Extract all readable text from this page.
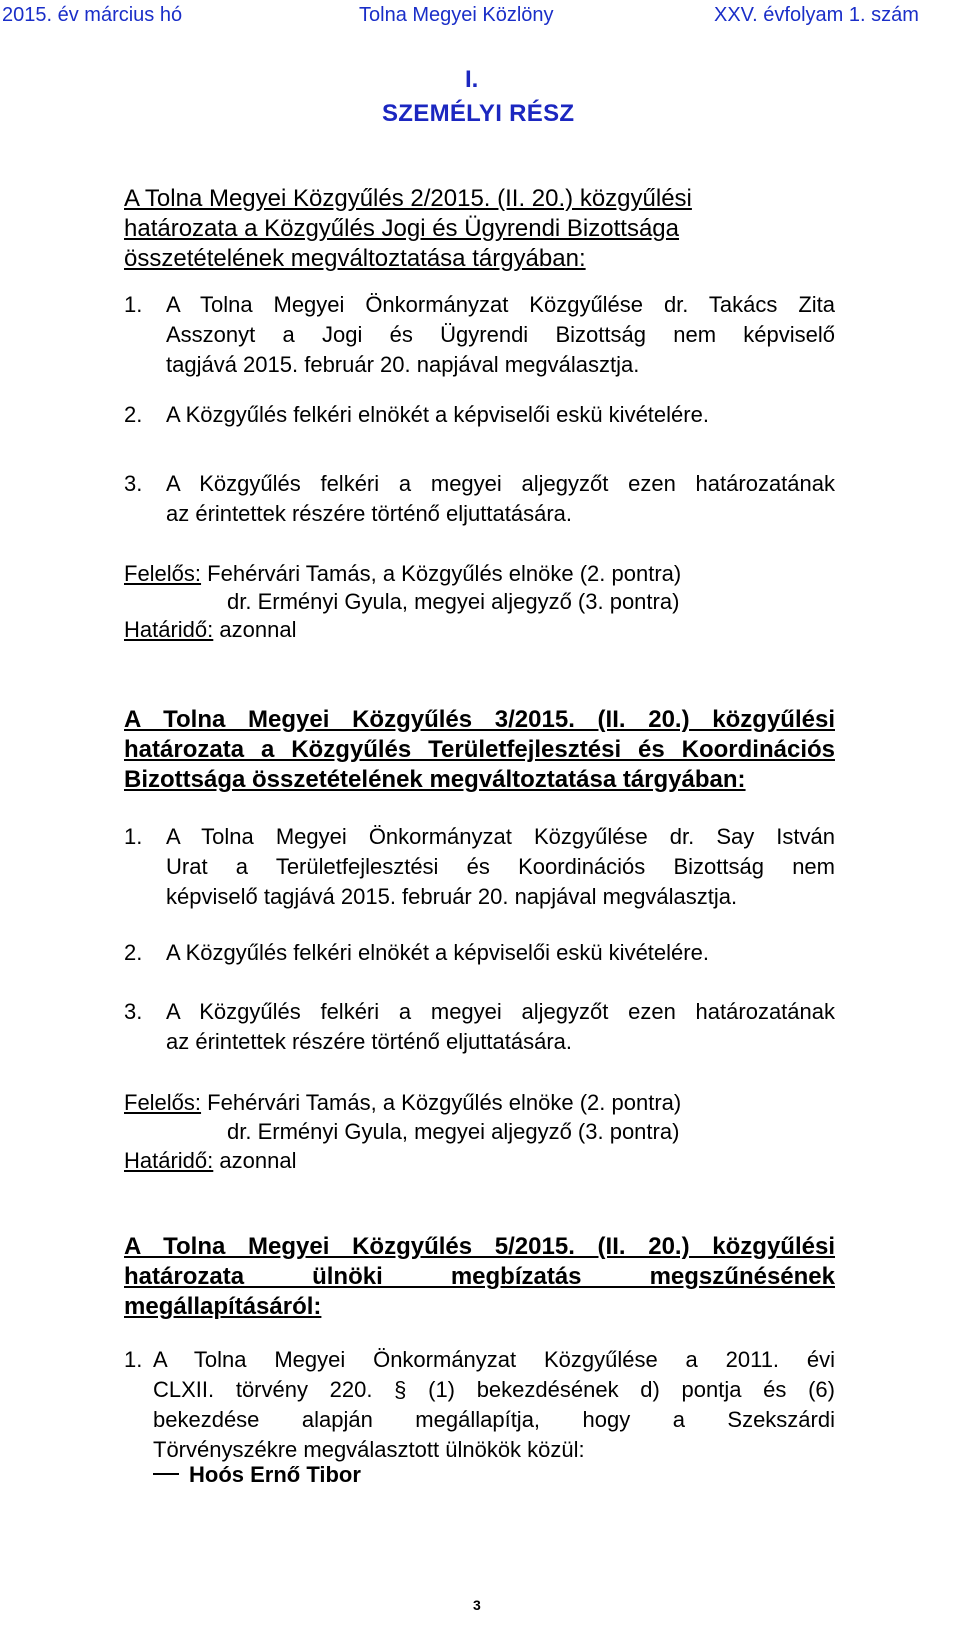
2015. év március hó	Tolna Megyei Közlöny	XXV. évfolyam 1. szám
I.
SZEMÉLYI RÉSZ
A Tolna Megyei Közgyűlés 2/2015. (II. 20.) közgyűlési
határozata a Közgyűlés Jogi és Ügyrendi Bizottsága
összetételének megváltoztatása tárgyában:
1. A Tolna Megyei Önkormányzat Közgyűlése dr. Takács Zita
Asszonyt a Jogi és Ügyrendi Bizottság nem képviselő
tagjává 2015. február 20. napjával megválasztja.
2. A Közgyűlés felkéri elnökét a képviselői eskü kivételére.
3. A Közgyűlés felkéri a megyei aljegyzőt ezen határozatának
az érintettek részére történő eljuttatására.
Felelős: Fehérvári Tamás, a Közgyűlés elnöke (2. pontra)
dr. Erményi Gyula, megyei aljegyző (3. pontra)
Határidő: azonnal
A Tolna Megyei Közgyűlés 3/2015. (II. 20.) közgyűlési
határozata a Közgyűlés Területfejlesztési és Koordinációs
Bizottsága összetételének megváltoztatása tárgyában:
1. A Tolna Megyei Önkormányzat Közgyűlése dr. Say István
Urat a Területfejlesztési és Koordinációs Bizottság nem
képviselő tagjává 2015. február 20. napjával megválasztja.
2. A Közgyűlés felkéri elnökét a képviselői eskü kivételére.
3. A Közgyűlés felkéri a megyei aljegyzőt ezen határozatának
az érintettek részére történő eljuttatására.
Felelős: Fehérvári Tamás, a Közgyűlés elnöke (2. pontra)
dr. Erményi Gyula, megyei aljegyző (3. pontra)
Határidő: azonnal
A Tolna Megyei Közgyűlés 5/2015. (II. 20.) közgyűlési
határozata ülnöki megbízatás megszűnésének
megállapításáról:
1. A Tolna Megyei Önkormányzat Közgyűlése a 2011. évi
CLXII. törvény 220. § (1) bekezdésének d) pontja és (6)
bekezdése alapján megállapítja, hogy a Szekszárdi
Törvényszékre megválasztott ülnökök közül:
Hoós Ernő Tibor
3
